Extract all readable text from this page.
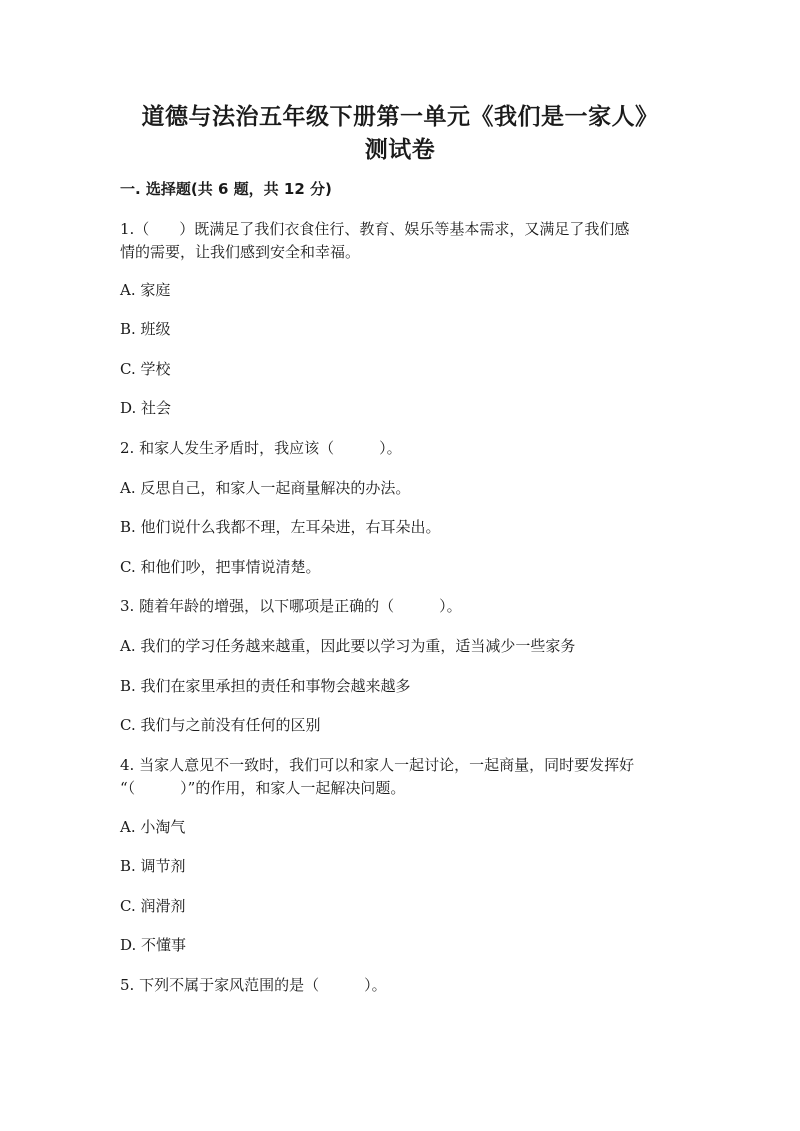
道德与法治五年级下册第一单元《我们是一家人》
测试卷
一. 选择题(共 6 题，共 12 分)
1.（　　）既满足了我们衣食住行、教育、娱乐等基本需求，又满足了我们感
情的需要，让我们感到安全和幸福。
A. 家庭
B. 班级
C. 学校
D. 社会
2. 和家人发生矛盾时，我应该（　　　）。
A. 反思自己，和家人一起商量解决的办法。
B. 他们说什么我都不理，左耳朵进，右耳朵出。
C. 和他们吵，把事情说清楚。
3. 随着年龄的增强，以下哪项是正确的（　　　）。
A. 我们的学习任务越来越重，因此要以学习为重，适当减少一些家务
B. 我们在家里承担的责任和事物会越来越多
C. 我们与之前没有任何的区别
4. 当家人意见不一致时，我们可以和家人一起讨论，一起商量，同时要发挥好
“（　　　）”的作用，和家人一起解决问题。
A. 小淘气
B. 调节剂
C. 润滑剂
D. 不懂事
5. 下列不属于家风范围的是（　　　）。
